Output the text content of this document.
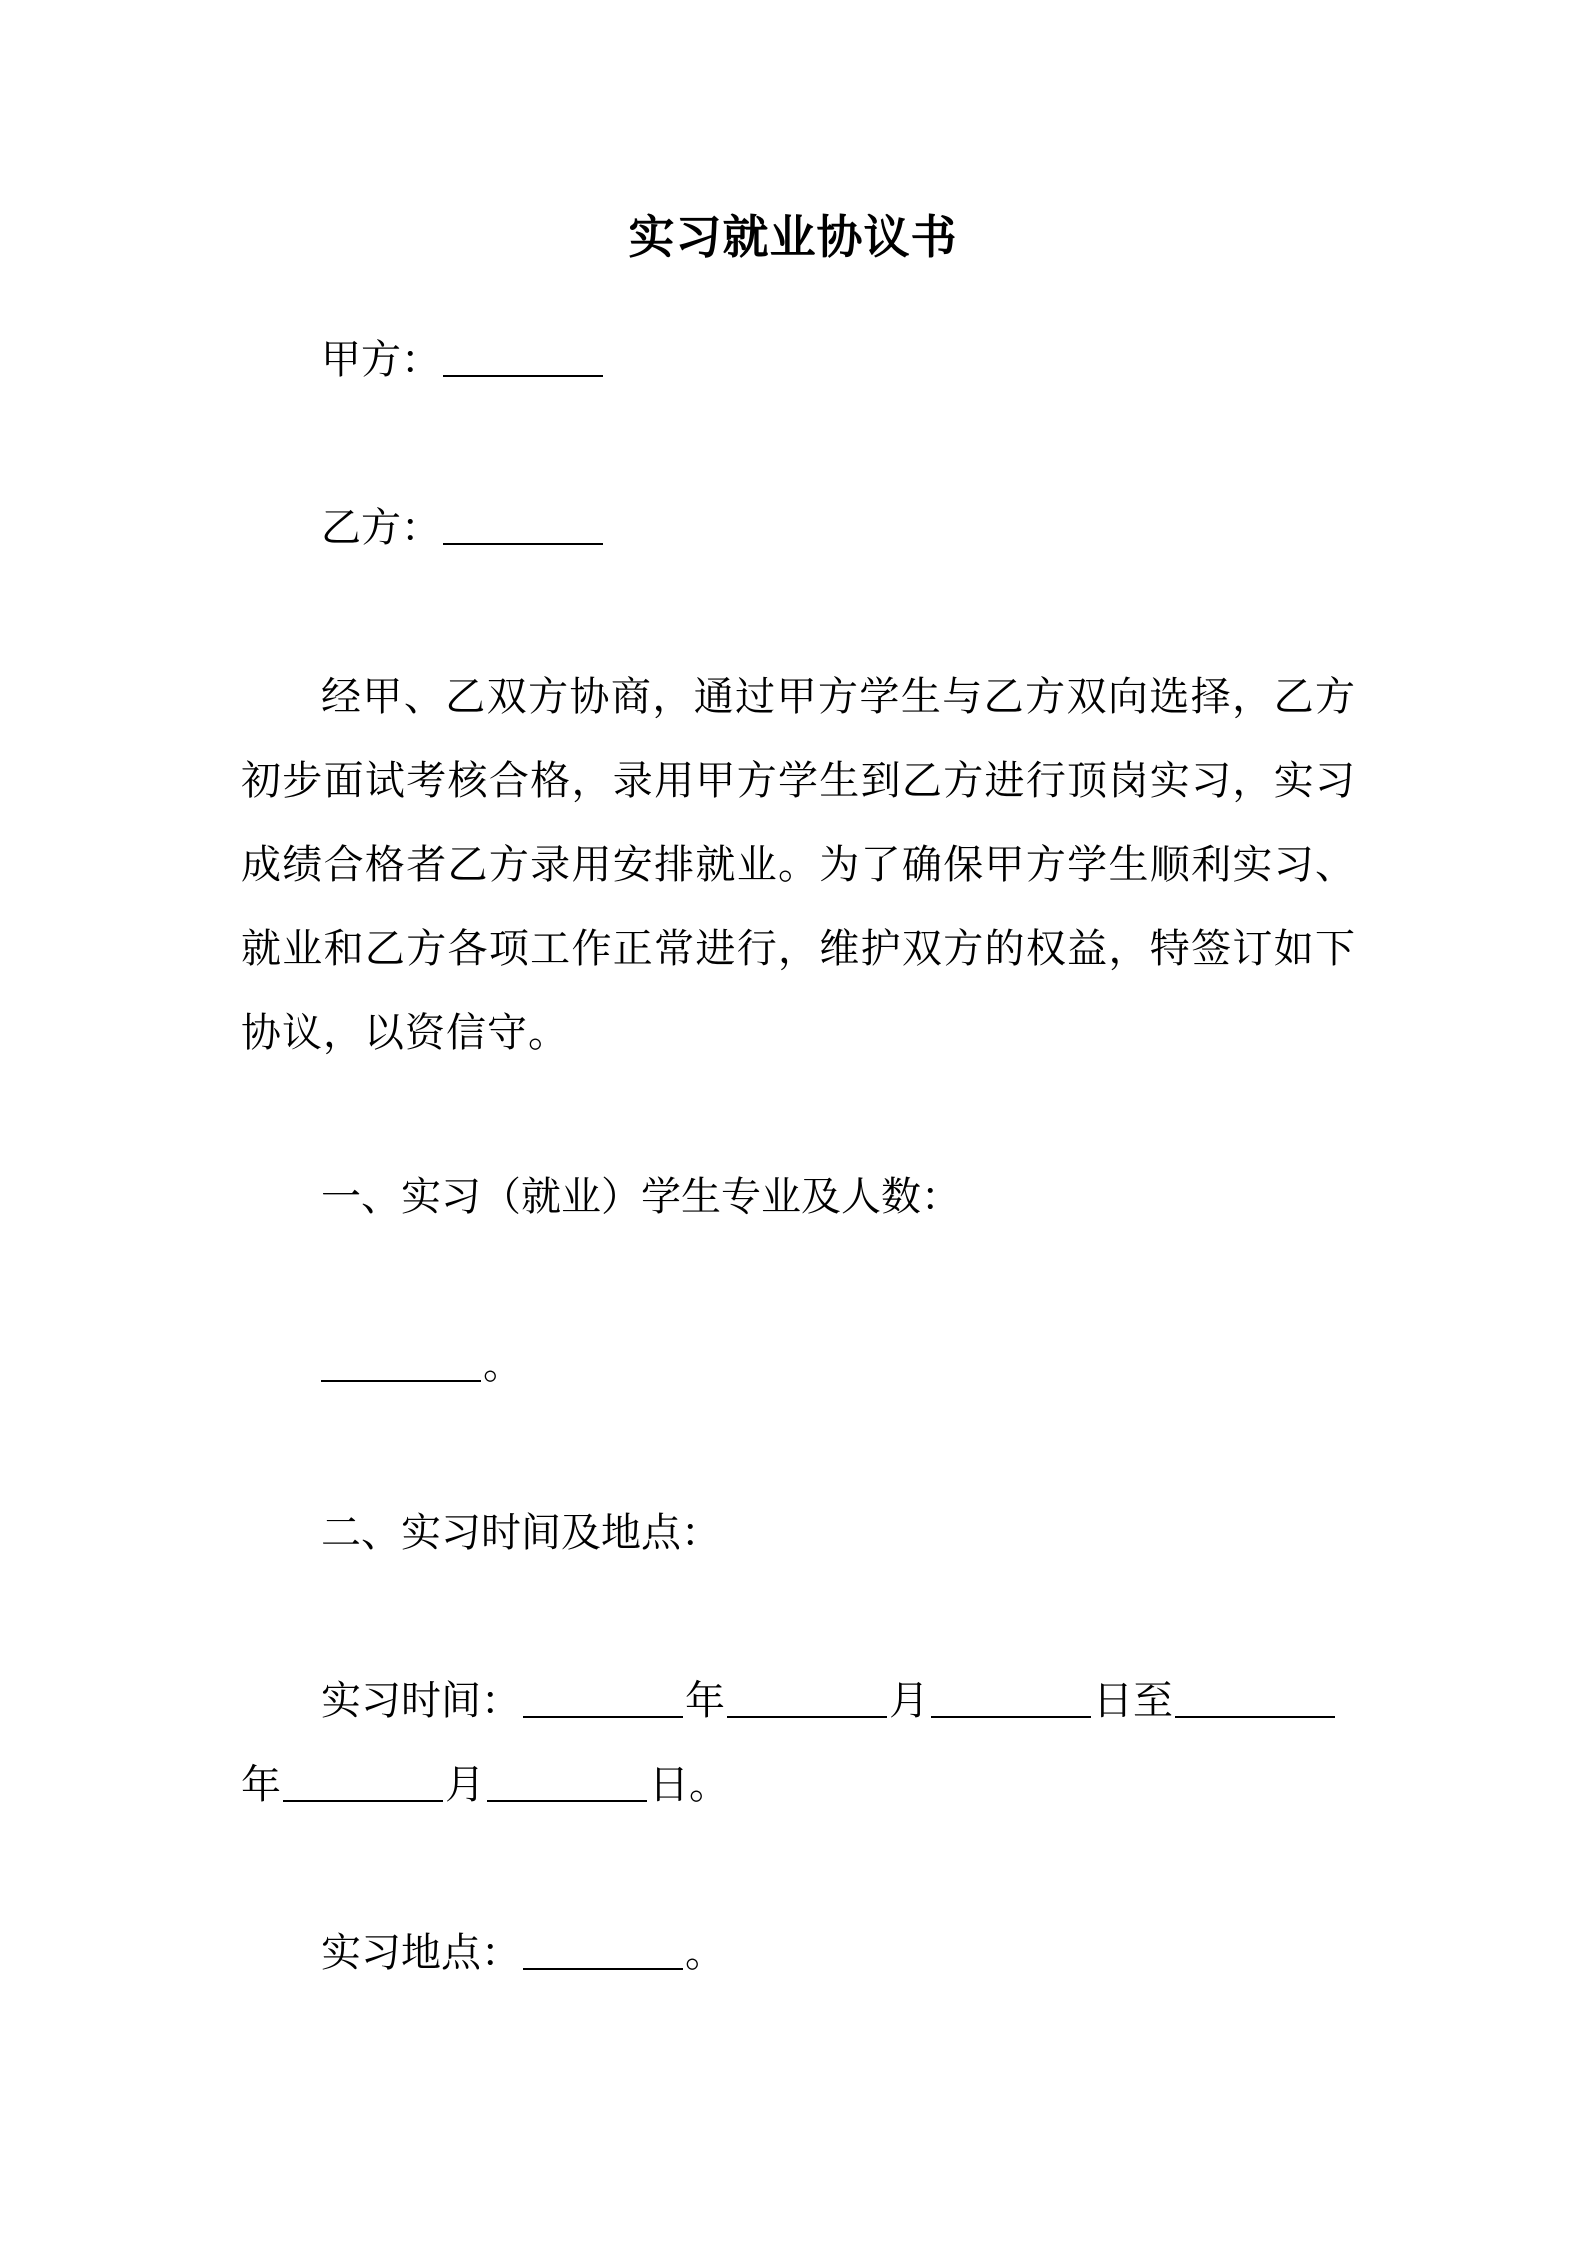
实习就业协议书
甲方：
乙方：

经甲、乙双方协商，通过甲方学生与乙方双向选择，乙方初步面试考核合格，录用甲方学生到乙方进行顶岗实习，实习成绩合格者乙方录用安排就业。为了确保甲方学生顺利实习、就业和乙方各项工作正常进行，维护双方的权益，特签订如下协议，以资信守。

一、实习（就业）学生专业及人数：
。
二、实习时间及地点：
实习时间：	年	月	日至
年	月	日。
实习地点：	。
